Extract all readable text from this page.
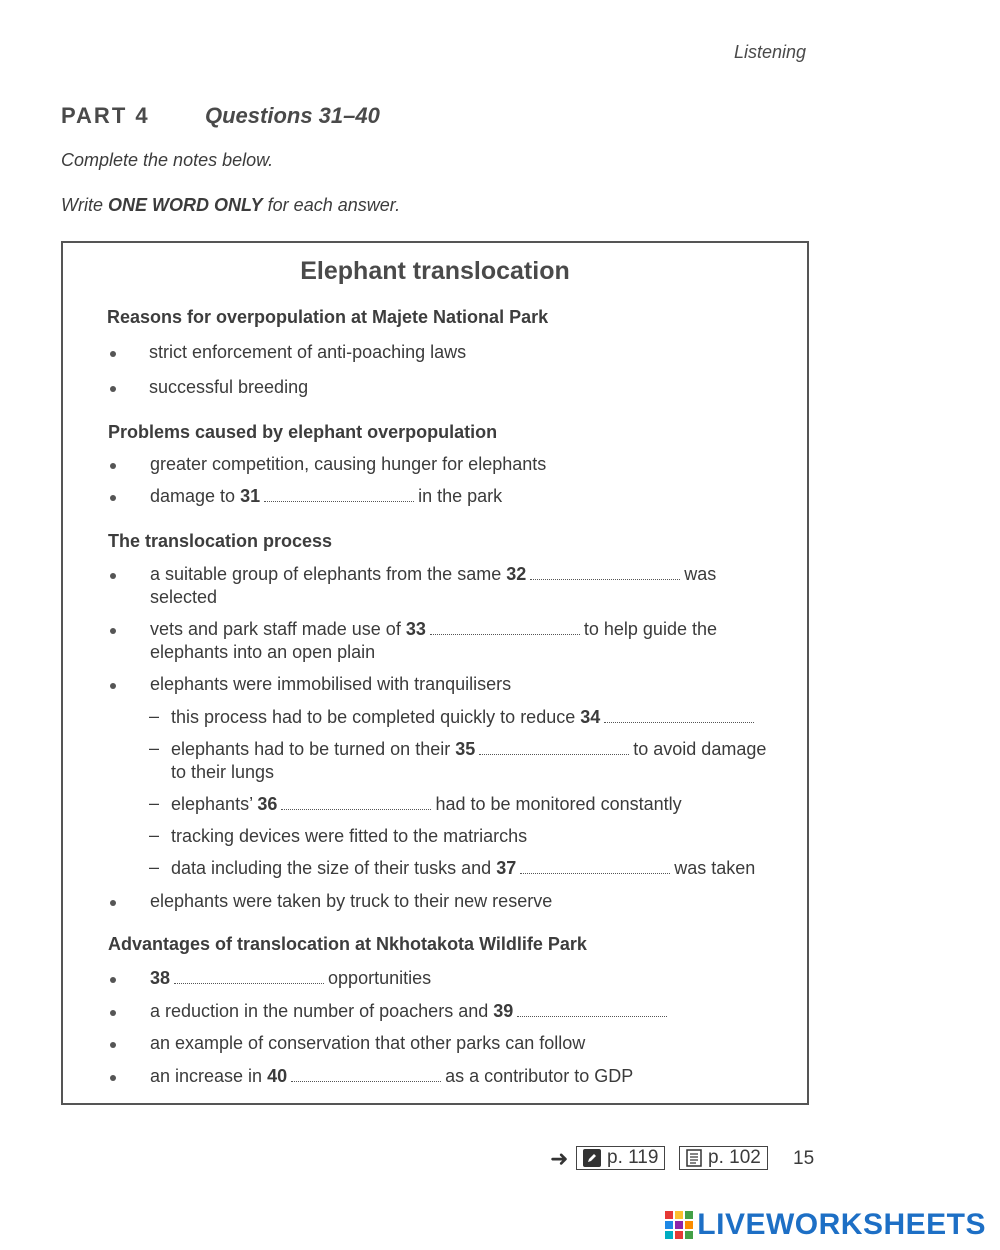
Listening
PART 4	Questions 31–40
Complete the notes below.
Write ONE WORD ONLY for each answer.
Elephant translocation
Reasons for overpopulation at Majete National Park
strict enforcement of anti-poaching laws
successful breeding
Problems caused by elephant overpopulation
greater competition, causing hunger for elephants
damage to 31	in the park
The translocation process
a suitable group of elephants from the same 32	was
selected
vets and park staff made use of 33	to help guide the
elephants into an open plain
elephants were immobilised with tranquilisers
– this process had to be completed quickly to reduce 34
– elephants had to be turned on their 35	to avoid damage
to their lungs
– elephants’ 36	had to be monitored constantly
– tracking devices were fitted to the matriarchs
– data including the size of their tusks and 37	was taken
elephants were taken by truck to their new reserve
Advantages of translocation at Nkhotakota Wildlife Park
38	opportunities
a reduction in the number of poachers and 39
an example of conservation that other parks can follow
an increase in 40	as a contributor to GDP
➜ p. 119	p. 102 15
LIVEWORKSHEETS
